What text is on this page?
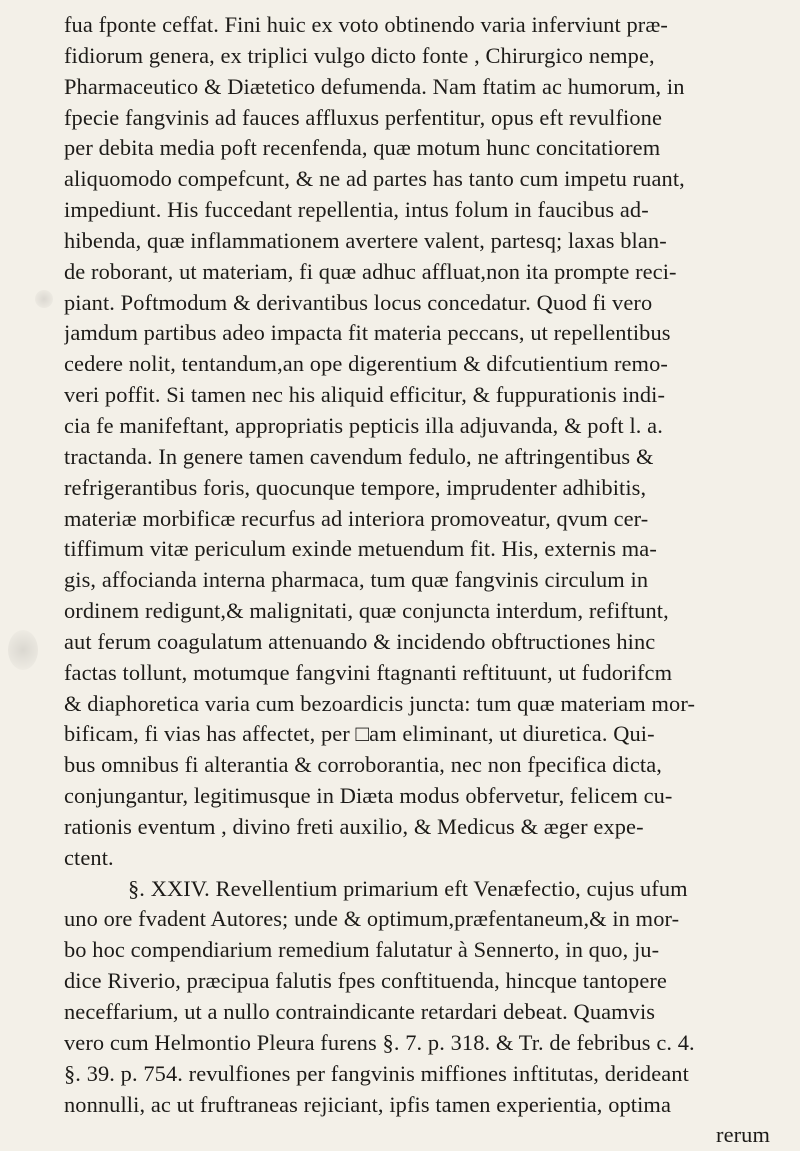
fua fponte ceffat. Fini huic ex voto obtinendo varia inferviunt præ-
fidiorum genera, ex triplici vulgo dicto fonte , Chirurgico nempe,
Pharmaceutico & Diætetico defumenda. Nam ftatim ac humorum, in
fpecie fangvinis ad fauces affluxus perfentitur, opus eft revulfione
per debita media poft recenfenda, quæ motum hunc concitatiorem
aliquomodo compefcunt, & ne ad partes has tanto cum impetu ruant,
impediunt. His fuccedant repellentia, intus folum in faucibus ad-
hibenda, quæ inflammationem avertere valent, partesq; laxas blan-
de roborant, ut materiam, fi quæ adhuc affluat,non ita prompte reci-
piant. Poftmodum & derivantibus locus concedatur. Quod fi vero
jamdum partibus adeo impacta fit materia peccans, ut repellentibus
cedere nolit, tentandum,an ope digerentium & difcutientium remo-
veri poffit. Si tamen nec his aliquid efficitur, & fuppurationis indi-
cia fe manifeftant, appropriatis pepticis illa adjuvanda, & poft l. a.
tractanda. In genere tamen cavendum fedulo, ne aftringentibus &
refrigerantibus foris, quocunque tempore, imprudenter adhibitis,
materiæ morbificæ recurfus ad interiora promoveatur, qvum cer-
tiffimum vitæ periculum exinde metuendum fit. His, externis ma-
gis, affocianda interna pharmaca, tum quæ fangvinis circulum in
ordinem redigunt,& malignitati, quæ conjuncta interdum, refiftunt,
aut ferum coagulatum attenuando & incidendo obftructiones hinc
factas tollunt, motumque fangvini ftagnanti reftituunt, ut fudorifcm
& diaphoretica varia cum bezoardicis juncta: tum quæ materiam mor-
bificam, fi vias has affectet, per □am eliminant, ut diuretica. Qui-
bus omnibus fi alterantia & corroborantia, nec non fpecifica dicta,
conjungantur, legitimusque in Diæta modus obfervetur, felicem cu-
rationis eventum , divino freti auxilio, & Medicus & æger expe-
ctent.
§. XXIV. Revellentium primarium eft Venæfectio, cujus ufum
uno ore fvadent Autores; unde & optimum,præfentaneum,& in mor-
bo hoc compendiarium remedium falutatur à Sennerto, in quo, ju-
dice Riverio, præcipua falutis fpes conftituenda, hincque tantopere
neceffarium, ut a nullo contraindicante retardari debeat. Quamvis
vero cum Helmontio Pleura furens §. 7. p. 318. & Tr. de febribus c. 4.
§. 39. p. 754. revulfiones per fangvinis miffiones inftitutas, derideant
nonnulli, ac ut fruftraneas rejiciant, ipfis tamen experientia, optima
rerum
